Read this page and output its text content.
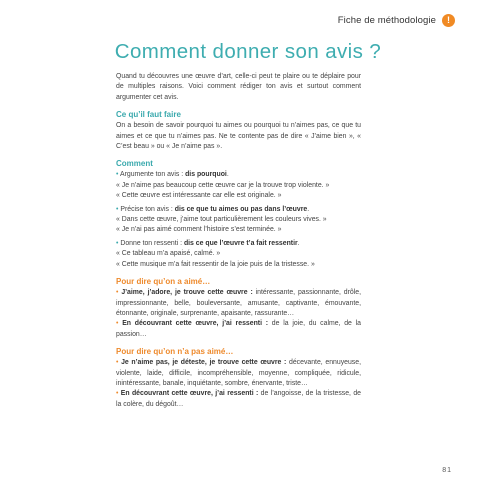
Fiche de méthodologie	!
Comment donner son avis ?

Quand tu découvres une œuvre d’art, celle-ci peut te plaire ou te déplaire pour de multiples raisons. Voici comment rédiger ton avis et surtout comment argumenter cet avis.

Ce qu’il faut faire

On a besoin de savoir pourquoi tu aimes ou pourquoi tu n’aimes pas, ce que tu aimes et ce que tu n’aimes pas. Ne te contente pas de dire « J’aime bien », « C’est beau » ou « Je n’aime pas ».

Comment

• Argumente ton avis : dis pourquoi.

« Je n’aime pas beaucoup cette œuvre car je la trouve trop violente. »

« Cette œuvre est intéressante car elle est originale. »

• Précise ton avis : dis ce que tu aimes ou pas dans l’œuvre.

« Dans cette œuvre, j’aime tout particulièrement les couleurs vives. »

« Je n’ai pas aimé comment l’histoire s’est terminée. »

• Donne ton ressenti : dis ce que l’œuvre t’a fait ressentir.

« Ce tableau m’a apaisé, calmé. »

« Cette musique m’a fait ressentir de la joie puis de la tristesse. »

Pour dire qu’on a aimé…

• J’aime, j’adore, je trouve cette œuvre : intéressante, passionnante, drôle, impressionnante, belle, bouleversante, amusante, captivante, émouvante, étonnante, originale, surprenante, apaisante, rassurante…

• En découvrant cette œuvre, j’ai ressenti : de la joie, du calme, de la passion…

Pour dire qu’on n’a pas aimé…

• Je n’aime pas, je déteste, je trouve cette œuvre : décevante, ennuyeuse, violente, laide, difficile, incompréhensible, moyenne, compliquée, ridicule, inintéressante, banale, inquiétante, sombre, énervante, triste…

• En découvrant cette œuvre, j’ai ressenti : de l’angoisse, de la tristesse, de la colère, du dégoût…

81
